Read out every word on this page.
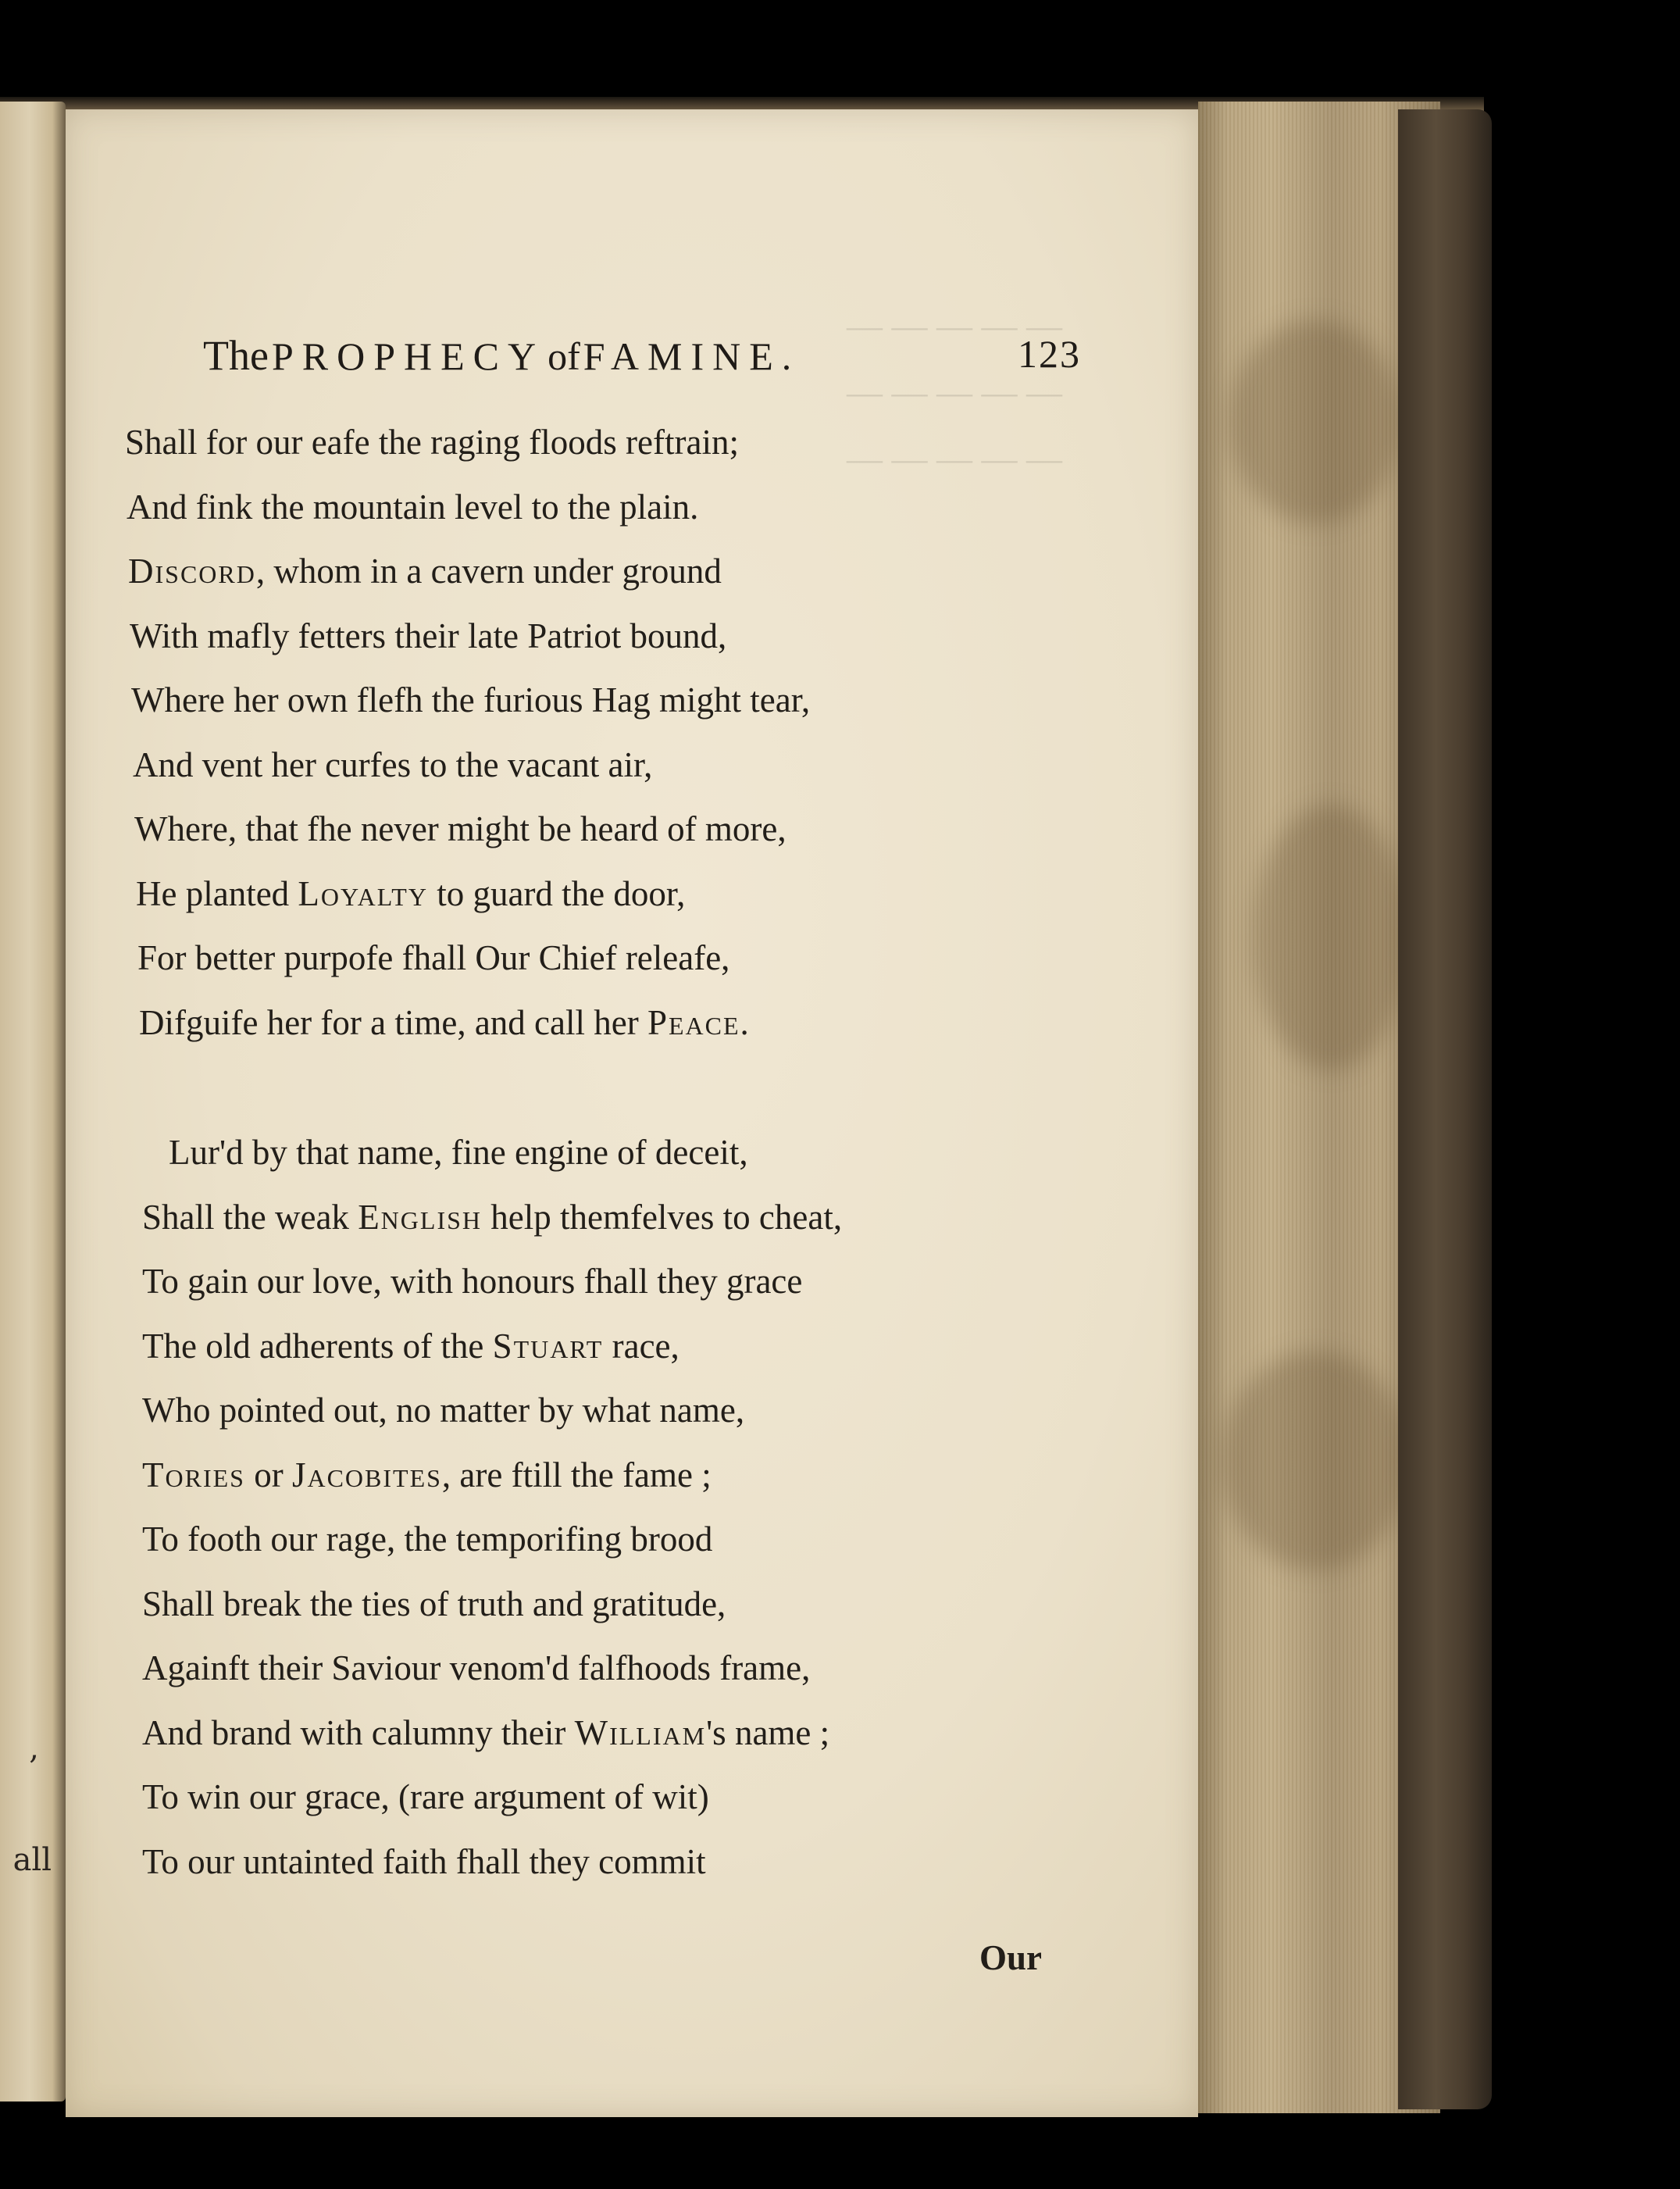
,
all
— — — — —
— — — — —
— — — — —
The PROPHECY of FAMINE.	123
Shall for our eafe the raging floods reftrain;
And fink the mountain level to the plain.
Discord, whom in a cavern under ground
With mafly fetters their late Patriot bound,
Where her own flefh the furious Hag might tear,
And vent her curfes to the vacant air,
Where, that fhe never might be heard of more,
He planted Loyalty to guard the door,
For better purpofe fhall Our Chief releafe,
Difguife her for a time, and call her Peace.
Lur'd by that name, fine engine of deceit,
Shall the weak English help themfelves to cheat,
To gain our love, with honours fhall they grace
The old adherents of the Stuart race,
Who pointed out, no matter by what name,
Tories or Jacobites, are ftill the fame ;
To footh our rage, the temporifing brood
Shall break the ties of truth and gratitude,
Againft their Saviour venom'd falfhoods frame,
And brand with calumny their William's name ;
To win our grace, (rare argument of wit)
To our untainted faith fhall they commit
Our
